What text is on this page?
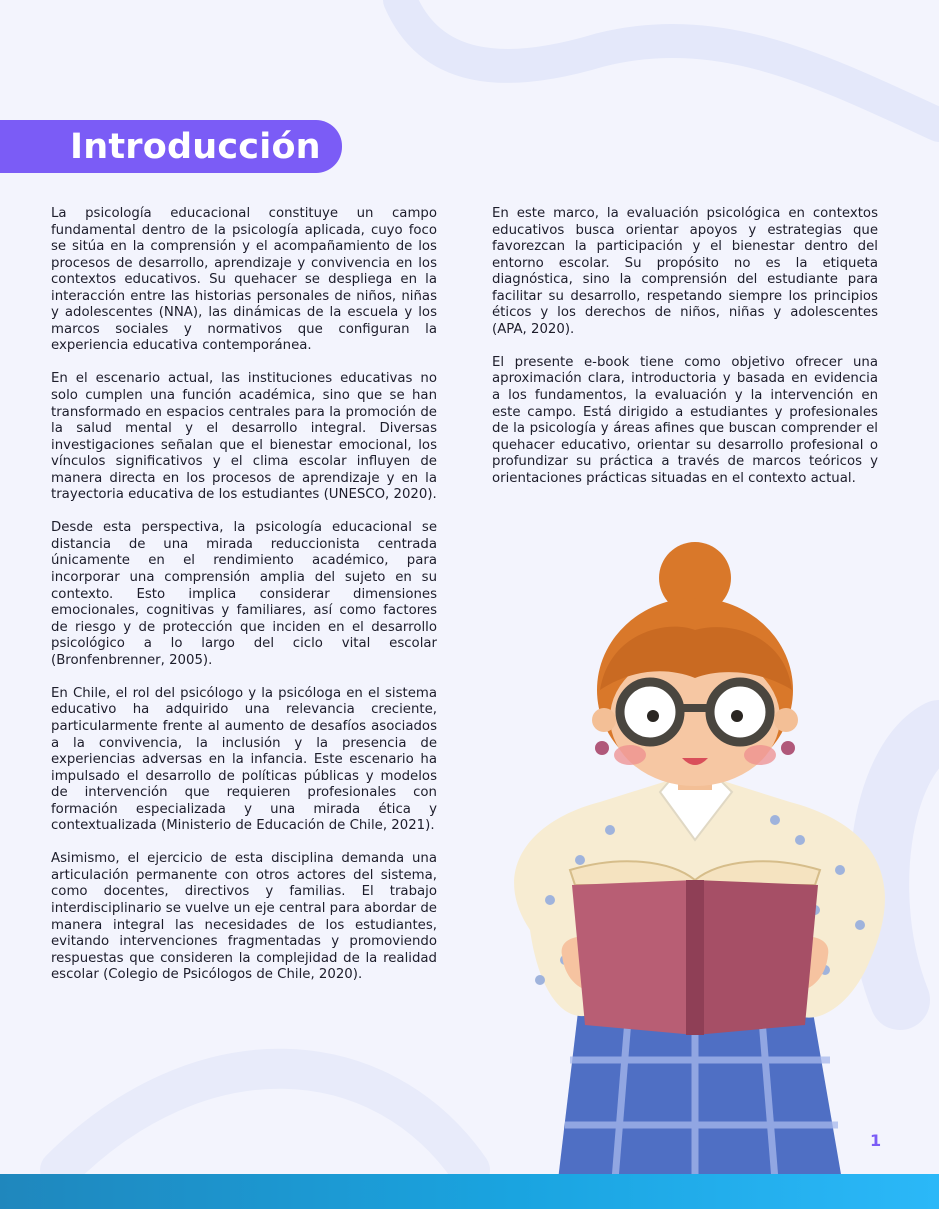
Introducción

La psicología educacional constituye un campo fundamental dentro de la psicología aplicada, cuyo foco se sitúa en la comprensión y el acompañamiento de los procesos de desarrollo, aprendizaje y convivencia en los contextos educativos. Su quehacer se despliega en la interacción entre las historias personales de niños, niñas y adolescentes (NNA), las dinámicas de la escuela y los marcos sociales y normativos que configuran la experiencia educativa contemporánea.

En el escenario actual, las instituciones educativas no solo cumplen una función académica, sino que se han transformado en espacios centrales para la promoción de la salud mental y el desarrollo integral. Diversas investigaciones señalan que el bienestar emocional, los vínculos significativos y el clima escolar influyen de manera directa en los procesos de aprendizaje y en la trayectoria educativa de los estudiantes (UNESCO, 2020).

Desde esta perspectiva, la psicología educacional se distancia de una mirada reduccionista centrada únicamente en el rendimiento académico, para incorporar una comprensión amplia del sujeto en su contexto. Esto implica considerar dimensiones emocionales, cognitivas y familiares, así como factores de riesgo y de protección que inciden en el desarrollo psicológico a lo largo del ciclo vital escolar (Bronfenbrenner, 2005).

En Chile, el rol del psicólogo y la psicóloga en el sistema educativo ha adquirido una relevancia creciente, particularmente frente al aumento de desafíos asociados a la convivencia, la inclusión y la presencia de experiencias adversas en la infancia. Este escenario ha impulsado el desarrollo de políticas públicas y modelos de intervención que requieren profesionales con formación especializada y una mirada ética y contextualizada (Ministerio de Educación de Chile, 2021).

Asimismo, el ejercicio de esta disciplina demanda una articulación permanente con otros actores del sistema, como docentes, directivos y familias. El trabajo interdisciplinario se vuelve un eje central para abordar de manera integral las necesidades de los estudiantes, evitando intervenciones fragmentadas y promoviendo respuestas que consideren la complejidad de la realidad escolar (Colegio de Psicólogos de Chile, 2020).

En este marco, la evaluación psicológica en contextos educativos busca orientar apoyos y estrategias que favorezcan la participación y el bienestar dentro del entorno escolar. Su propósito no es la etiqueta diagnóstica, sino la comprensión del estudiante para facilitar su desarrollo, respetando siempre los principios éticos y los derechos de niños, niñas y adolescentes (APA, 2020).

El presente e-book tiene como objetivo ofrecer una aproximación clara, introductoria y basada en evidencia a los fundamentos, la evaluación y la intervención en este campo. Está dirigido a estudiantes y profesionales de la psicología y áreas afines que buscan comprender el quehacer educativo, orientar su desarrollo profesional o profundizar su práctica a través de marcos teóricos y orientaciones prácticas situadas en el contexto actual.

1
